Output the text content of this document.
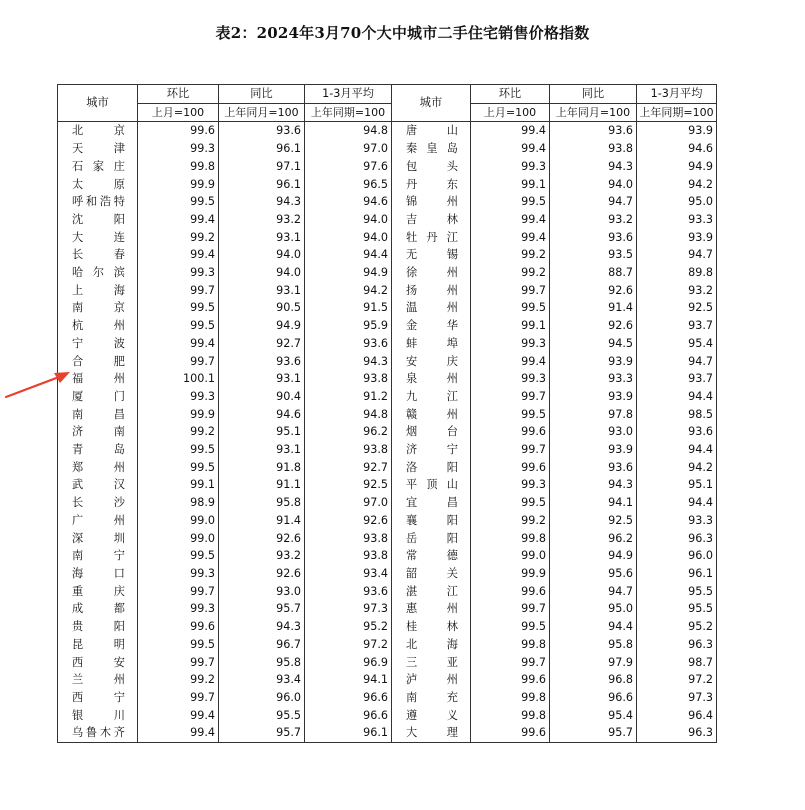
表2：2024年3月70个大中城市二手住宅销售价格指数
城市	环比	同比	1-3月平均	城市	环比	同比	1-3月平均
	上月=100	上年同月=100	上年同期=100		上月=100	上年同月=100	上年同期=100
北京	99.6	93.6	94.8	唐山	99.4	93.6	93.9
天津	99.3	96.1	97.0	秦皇岛	99.4	93.8	94.6
石家庄	99.8	97.1	97.6	包头	99.3	94.3	94.9
太原	99.9	96.1	96.5	丹东	99.1	94.0	94.2
呼和浩特	99.5	94.3	94.6	锦州	99.5	94.7	95.0
沈阳	99.4	93.2	94.0	吉林	99.4	93.2	93.3
大连	99.2	93.1	94.0	牡丹江	99.4	93.6	93.9
长春	99.4	94.0	94.4	无锡	99.2	93.5	94.7
哈尔滨	99.3	94.0	94.9	徐州	99.2	88.7	89.8
上海	99.7	93.1	94.2	扬州	99.7	92.6	93.2
南京	99.5	90.5	91.5	温州	99.5	91.4	92.5
杭州	99.5	94.9	95.9	金华	99.1	92.6	93.7
宁波	99.4	92.7	93.6	蚌埠	99.3	94.5	95.4
合肥	99.7	93.6	94.3	安庆	99.4	93.9	94.7
福州	100.1	93.1	93.8	泉州	99.3	93.3	93.7
厦门	99.3	90.4	91.2	九江	99.7	93.9	94.4
南昌	99.9	94.6	94.8	赣州	99.5	97.8	98.5
济南	99.2	95.1	96.2	烟台	99.6	93.0	93.6
青岛	99.5	93.1	93.8	济宁	99.7	93.9	94.4
郑州	99.5	91.8	92.7	洛阳	99.6	93.6	94.2
武汉	99.1	91.1	92.5	平顶山	99.3	94.3	95.1
长沙	98.9	95.8	97.0	宜昌	99.5	94.1	94.4
广州	99.0	91.4	92.6	襄阳	99.2	92.5	93.3
深圳	99.0	92.6	93.8	岳阳	99.8	96.2	96.3
南宁	99.5	93.2	93.8	常德	99.0	94.9	96.0
海口	99.3	92.6	93.4	韶关	99.9	95.6	96.1
重庆	99.7	93.0	93.6	湛江	99.6	94.7	95.5
成都	99.3	95.7	97.3	惠州	99.7	95.0	95.5
贵阳	99.6	94.3	95.2	桂林	99.5	94.4	95.2
昆明	99.5	96.7	97.2	北海	99.8	95.8	96.3
西安	99.7	95.8	96.9	三亚	99.7	97.9	98.7
兰州	99.2	93.4	94.1	泸州	99.6	96.8	97.2
西宁	99.7	96.0	96.6	南充	99.8	96.6	97.3
银川	99.4	95.5	96.6	遵义	99.8	95.4	96.4
乌鲁木齐	99.4	95.7	96.1	大理	99.6	95.7	96.3
